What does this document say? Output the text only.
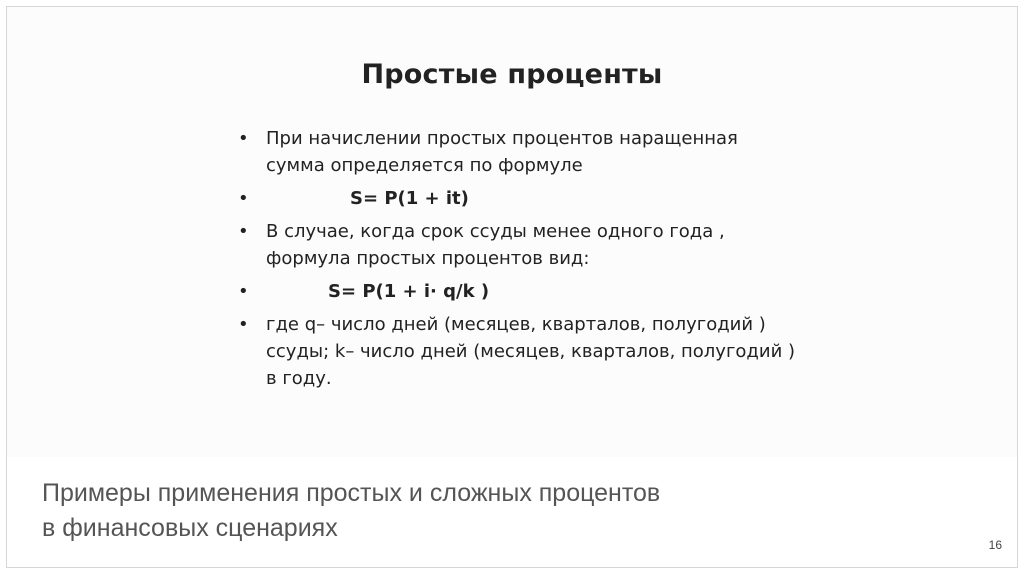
Простые проценты
• При начислении простых процентов наращенная сумма определяется по формуле
•	S= P(1 + it)
• В случае, когда срок ссуды менее одного года , формула простых процентов вид:
•	S= P(1 + i· q/k )
• где q– число дней (месяцев, кварталов, полугодий ) ссуды; k– число дней (месяцев, кварталов, полугодий ) в году.
Примеры применения простых и сложных процентов в финансовых сценариях
16
